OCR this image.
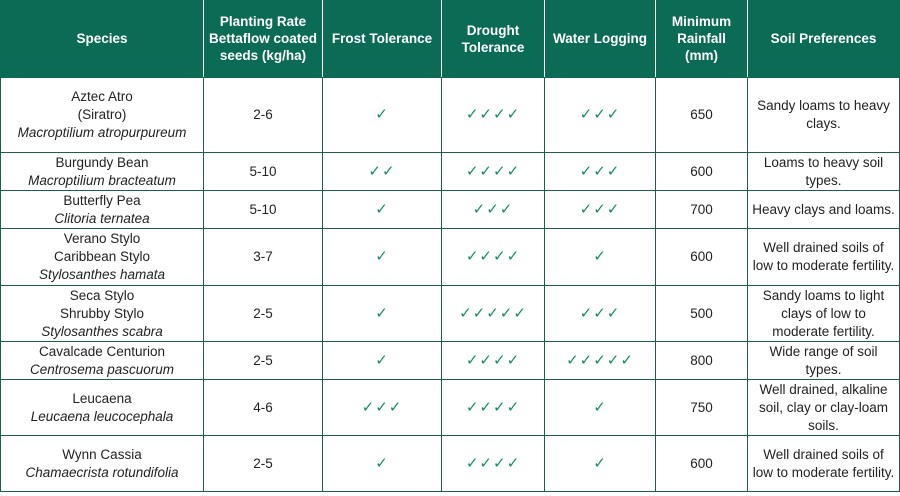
Species	Planting Rate Bettaflow coated seeds (kg/ha)	Frost Tolerance	Drought Tolerance	Water Logging	Minimum Rainfall (mm)	Soil Preferences

Aztec Atro
(Siratro)
Macroptilium atropurpureum	2-6	✓	✓✓✓✓	✓✓✓	650	Sandy loams to heavy clays.

Burgundy Bean
Macroptilium bracteatum	5-10	✓✓	✓✓✓✓	✓✓✓	600	Loams to heavy soil types.

Butterfly Pea
Clitoria ternatea	5-10	✓	✓✓✓	✓✓✓	700	Heavy clays and loams.

Verano Stylo
Caribbean Stylo
Stylosanthes hamata	3-7	✓	✓✓✓✓	✓	600	Well drained soils of low to moderate fertility.

Seca Stylo
Shrubby Stylo
Stylosanthes scabra	2-5	✓	✓✓✓✓✓	✓✓✓	500	Sandy loams to light clays of low to moderate fertility.

Cavalcade Centurion
Centrosema pascuorum	2-5	✓	✓✓✓✓	✓✓✓✓✓	800	Wide range of soil types.

Leucaena
Leucaena leucocephala	4-6	✓✓✓	✓✓✓✓	✓	750	Well drained, alkaline soil, clay or clay-loam soils.

Wynn Cassia
Chamaecrista rotundifolia	2-5	✓	✓✓✓✓	✓	600	Well drained soils of low to moderate fertility.
